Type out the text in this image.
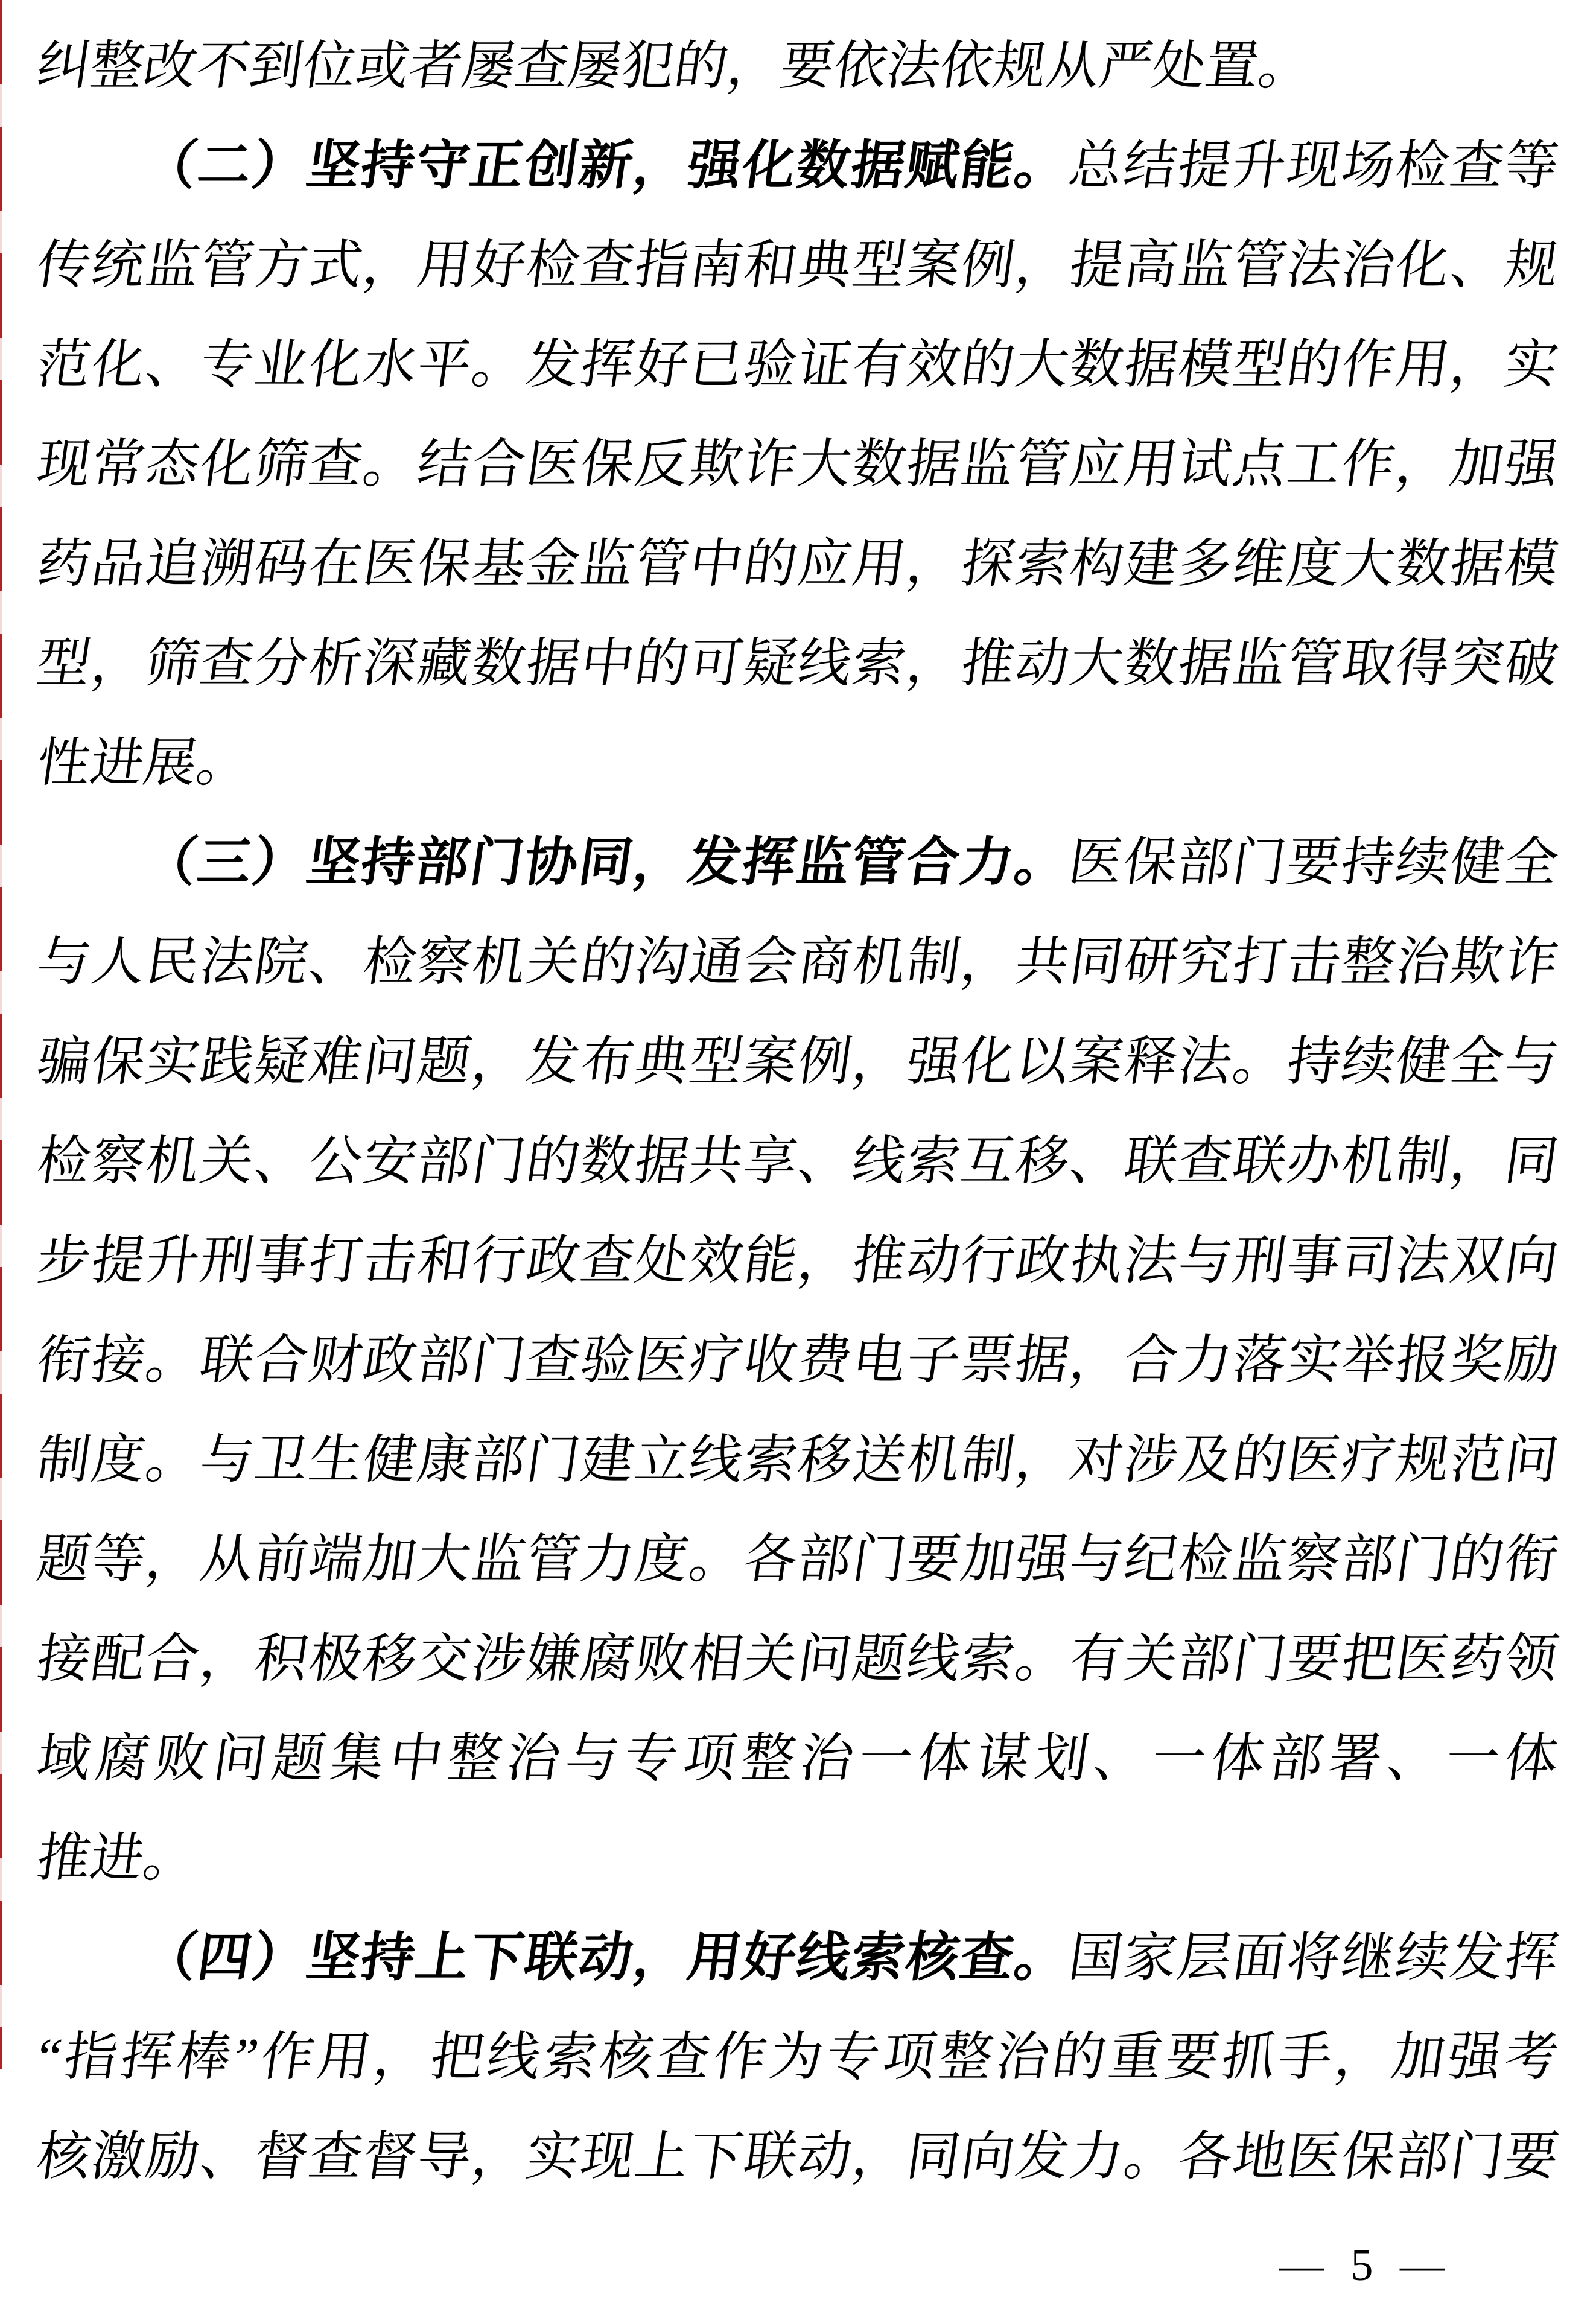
纠整改不到位或者屡查屡犯的，要依法依规从严处置。
（二）坚持守正创新，强化数据赋能。总结提升现场检查等
传统监管方式，用好检查指南和典型案例，提高监管法治化、规
范化、专业化水平。发挥好已验证有效的大数据模型的作用，实
现常态化筛查。结合医保反欺诈大数据监管应用试点工作，加强
药品追溯码在医保基金监管中的应用，探索构建多维度大数据模
型，筛查分析深藏数据中的可疑线索，推动大数据监管取得突破
性进展。
（三）坚持部门协同，发挥监管合力。医保部门要持续健全
与人民法院、检察机关的沟通会商机制，共同研究打击整治欺诈
骗保实践疑难问题，发布典型案例，强化以案释法。持续健全与
检察机关、公安部门的数据共享、线索互移、联查联办机制，同
步提升刑事打击和行政查处效能，推动行政执法与刑事司法双向
衔接。联合财政部门查验医疗收费电子票据，合力落实举报奖励
制度。与卫生健康部门建立线索移送机制，对涉及的医疗规范问
题等，从前端加大监管力度。各部门要加强与纪检监察部门的衔
接配合，积极移交涉嫌腐败相关问题线索。有关部门要把医药领
域腐败问题集中整治与专项整治一体谋划、一体部署、一体
推进。
（四）坚持上下联动，用好线索核查。国家层面将继续发挥
“指挥棒”作用，把线索核查作为专项整治的重要抓手，加强考
核激励、督查督导，实现上下联动，同向发力。各地医保部门要
— 5 —
